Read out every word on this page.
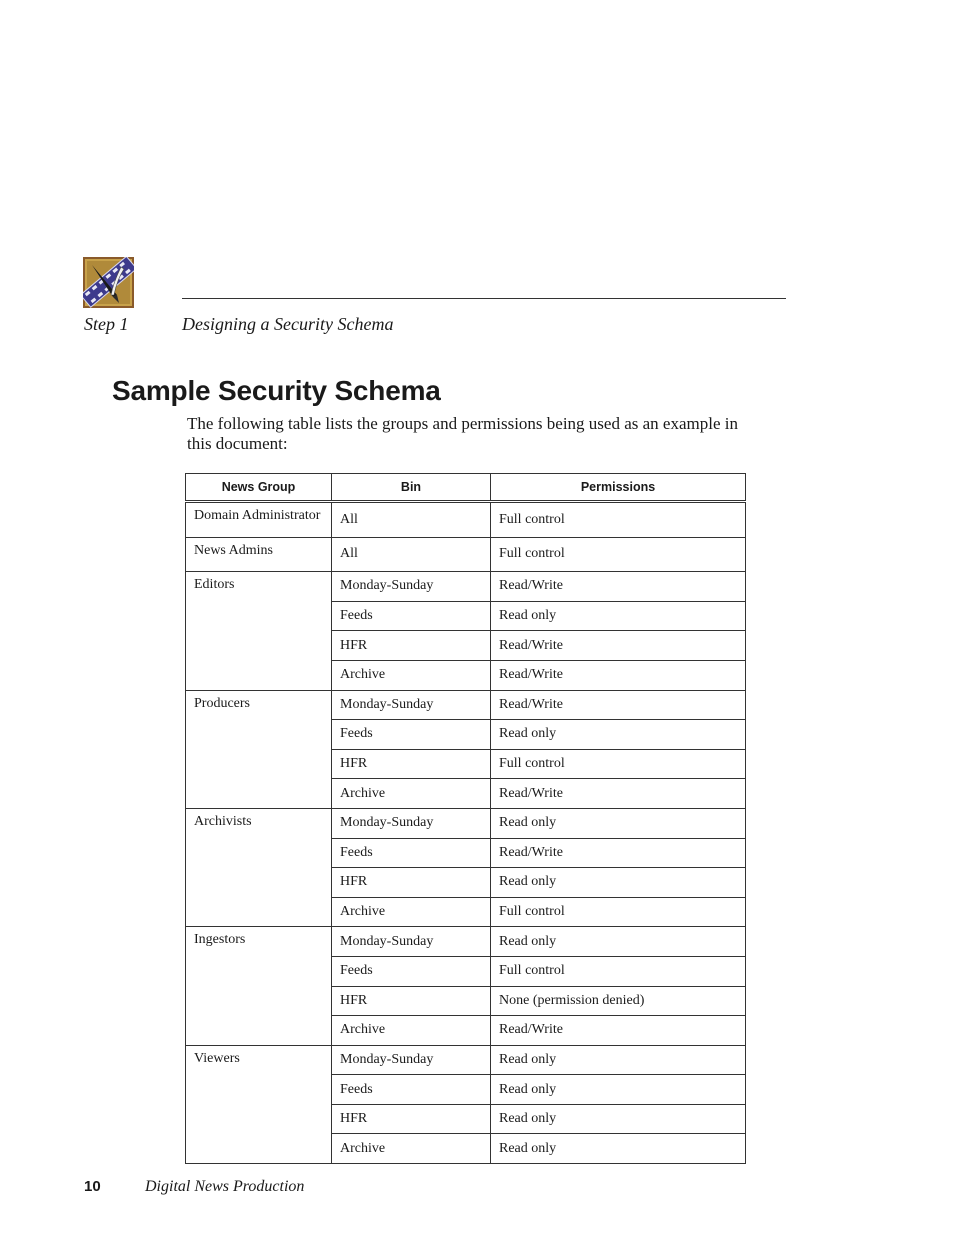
Step 1	Designing a Security Schema
Sample Security Schema

The following table lists the groups and permissions being used as an example in this document:

News Group	Bin	Permissions
Domain Administrator	All	Full control
News Admins	All	Full control
Editors	Monday-Sunday	Read/Write
	Feeds	Read only
	HFR	Read/Write
	Archive	Read/Write
Producers	Monday-Sunday	Read/Write
	Feeds	Read only
	HFR	Full control
	Archive	Read/Write
Archivists	Monday-Sunday	Read only
	Feeds	Read/Write
	HFR	Read only
	Archive	Full control
Ingestors	Monday-Sunday	Read only
	Feeds	Full control
	HFR	None (permission denied)
	Archive	Read/Write
Viewers	Monday-Sunday	Read only
	Feeds	Read only
	HFR	Read only
	Archive	Read only
10	Digital News Production
